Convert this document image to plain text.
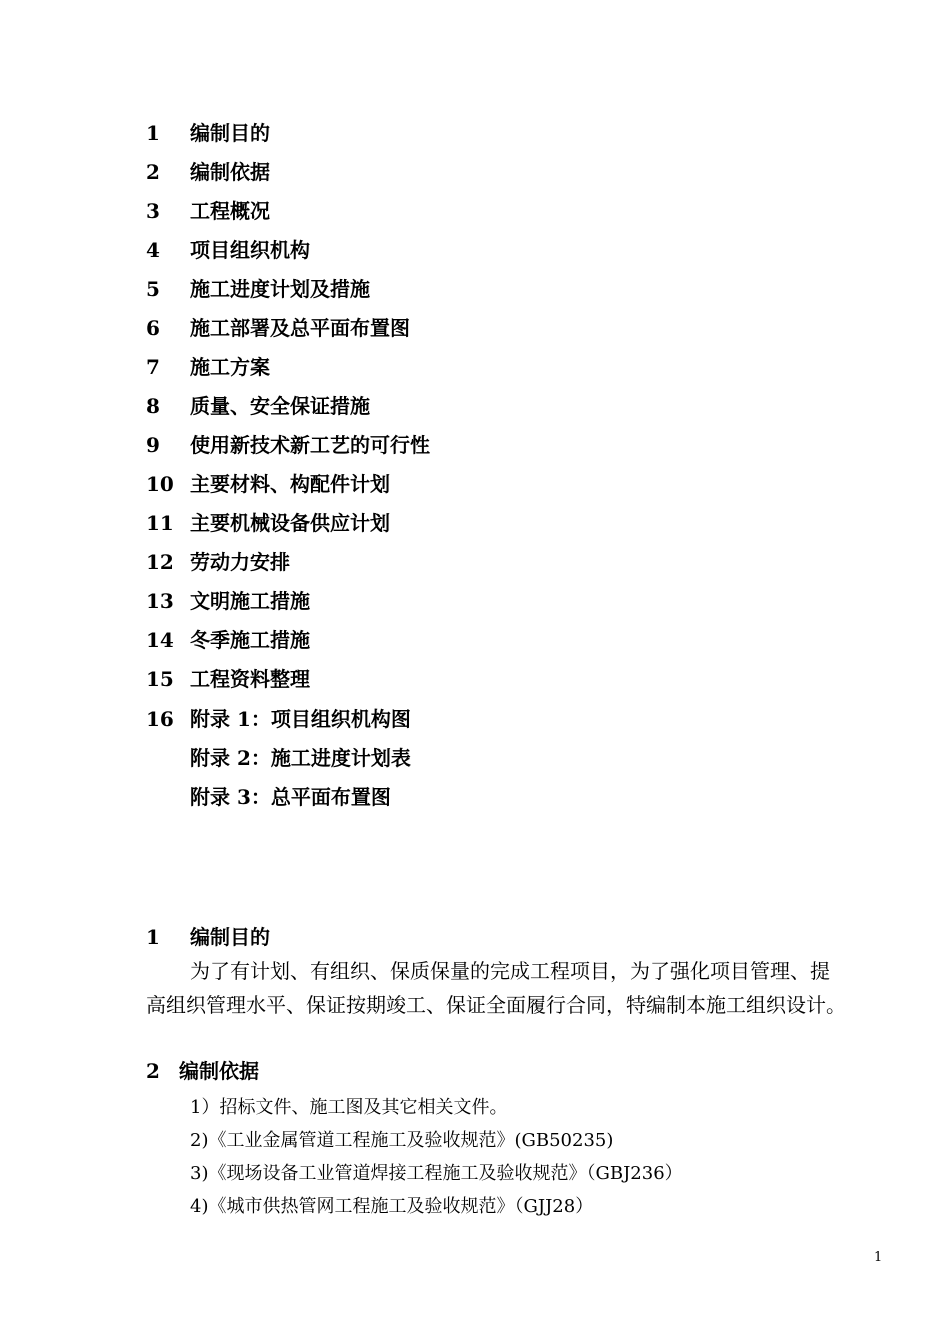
1 编制目的
2 编制依据
3 工程概况
4 项目组织机构
5 施工进度计划及措施
6 施工部署及总平面布置图
7 施工方案
8 质量、安全保证措施
9 使用新技术新工艺的可行性
10 主要材料、构配件计划
11 主要机械设备供应计划
12 劳动力安排
13 文明施工措施
14 冬季施工措施
15 工程资料整理
16 附录 1：项目组织机构图
附录 2：施工进度计划表
附录 3：总平面布置图
1 编制目的
为了有计划、有组织、保质保量的完成工程项目，为了强化项目管理、提
高组织管理水平、保证按期竣工、保证全面履行合同，特编制本施工组织设计。
2 编制依据
1）招标文件、施工图及其它相关文件。
2)《工业金属管道工程施工及验收规范》(GB50235)
3)《现场设备工业管道焊接工程施工及验收规范》（GBJ236）
4)《城市供热管网工程施工及验收规范》（GJJ28）
1
